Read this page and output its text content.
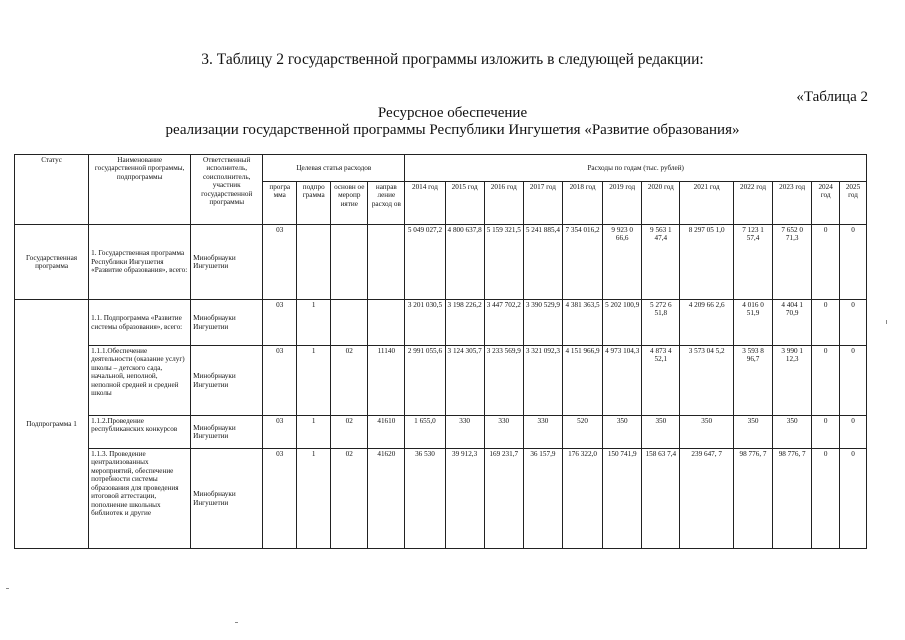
3. Таблицу 2 государственной программы изложить в следующей редакции:
«Таблица 2
Ресурсное обеспечение
реализации государственной программы Республики Ингушетия «Развитие образования»
Статус	Наименование государственной программы, подпрограммы	Ответственный исполнитель, соисполнитель, участник государственной программы	Целевая статья расходов				Расходы по годам (тыс. рублей)											
			програ мма	подпро грамма	основн ое меропр иятие	направ ление расход ов	2014 год	2015 год	2016 год	2017 год	2018 год	2019 год	2020 год	2021 год	2022 год	2023 год	2024 год	2025 год
Государственная программа	1. Государственная программа Республики Ингушетия «Развитие образования», всего:	Минобрнауки Ингушетии	03				5 049 027,2	4 800 637,8	5 159 321,5	5 241 885,4	7 354 016,2	9 923 0 66,6	9 563 1 47,4	8 297 05 1,0	7 123 1 57,4	7 652 0 71,3	0	0
Подпрограмма 1	1.1. Подпрограмма «Развитие системы образования», всего:	Минобрнауки Ингушетии	03	1			3 201 030,5	3 198 226,2	3 447 702,2	3 390 529,9	4 381 363,5	5 202 100,9	5 272 6 51,8	4 209 66 2,6	4 016 0 51,9	4 404 1 70,9	0	0
	1.1.1.Обеспечение деятельности (оказание услуг) школы – детского сада, начальной, неполной, неполной средней и средней школы	Минобрнауки Ингушетии	03	1	02	11140	2 991 055,6	3 124 305,7	3 233 569,9	3 321 092,3	4 151 966,9	4 973 104,3	4 873 4 52,1	3 573 04 5,2	3 593 8 96,7	3 990 1 12,3	0	0
	1.1.2.Проведение республиканских конкурсов	Минобрнауки Ингушетии	03	1	02	41610	1 655,0	330	330	330	520	350	350	350	350	350	0	0
	1.1.3. Проведение централизованных мероприятий, обеспечение потребности системы образования для проведения итоговой аттестации, пополнение школьных библиотек и другие	Минобрнауки Ингушетии	03	1	02	41620	36 530	39 912,3	169 231,7	36 157,9	176 322,0	150 741,9	158 63 7,4	239 647, 7	98 776, 7	98 776, 7	0	0
